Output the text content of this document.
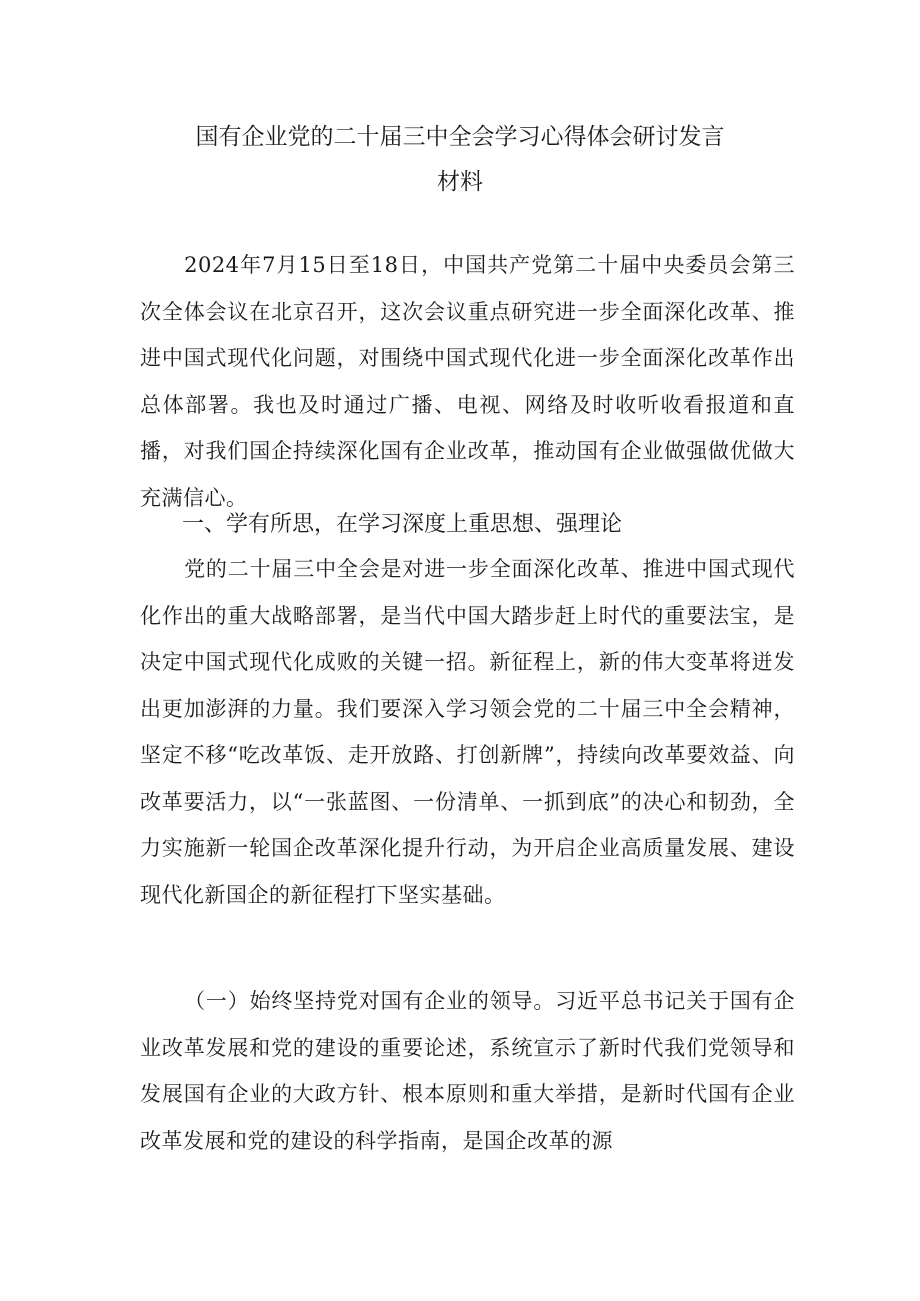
国有企业党的二十届三中全会学习心得体会研讨发言
材料

2024年7月15日至18日，中国共产党第二十届中央委员会第三次全体会议在北京召开，这次会议重点研究进一步全面深化改革、推进中国式现代化问题，对围绕中国式现代化进一步全面深化改革作出总体部署。我也及时通过广播、电视、网络及时收听收看报道和直播，对我们国企持续深化国有企业改革，推动国有企业做强做优做大充满信心。

一、学有所思，在学习深度上重思想、强理论

党的二十届三中全会是对进一步全面深化改革、推进中国式现代化作出的重大战略部署，是当代中国大踏步赶上时代的重要法宝，是决定中国式现代化成败的关键一招。新征程上，新的伟大变革将迸发出更加澎湃的力量。我们要深入学习领会党的二十届三中全会精神，坚定不移“吃改革饭、走开放路、打创新牌”，持续向改革要效益、向改革要活力，以“一张蓝图、一份清单、一抓到底”的决心和韧劲，全力实施新一轮国企改革深化提升行动，为开启企业高质量发展、建设现代化新国企的新征程打下坚实基础。

（一）始终坚持党对国有企业的领导。习近平总书记关于国有企业改革发展和党的建设的重要论述，系统宣示了新时代我们党领导和发展国有企业的大政方针、根本原则和重大举措，是新时代国有企业改革发展和党的建设的科学指南，是国企改革的源
